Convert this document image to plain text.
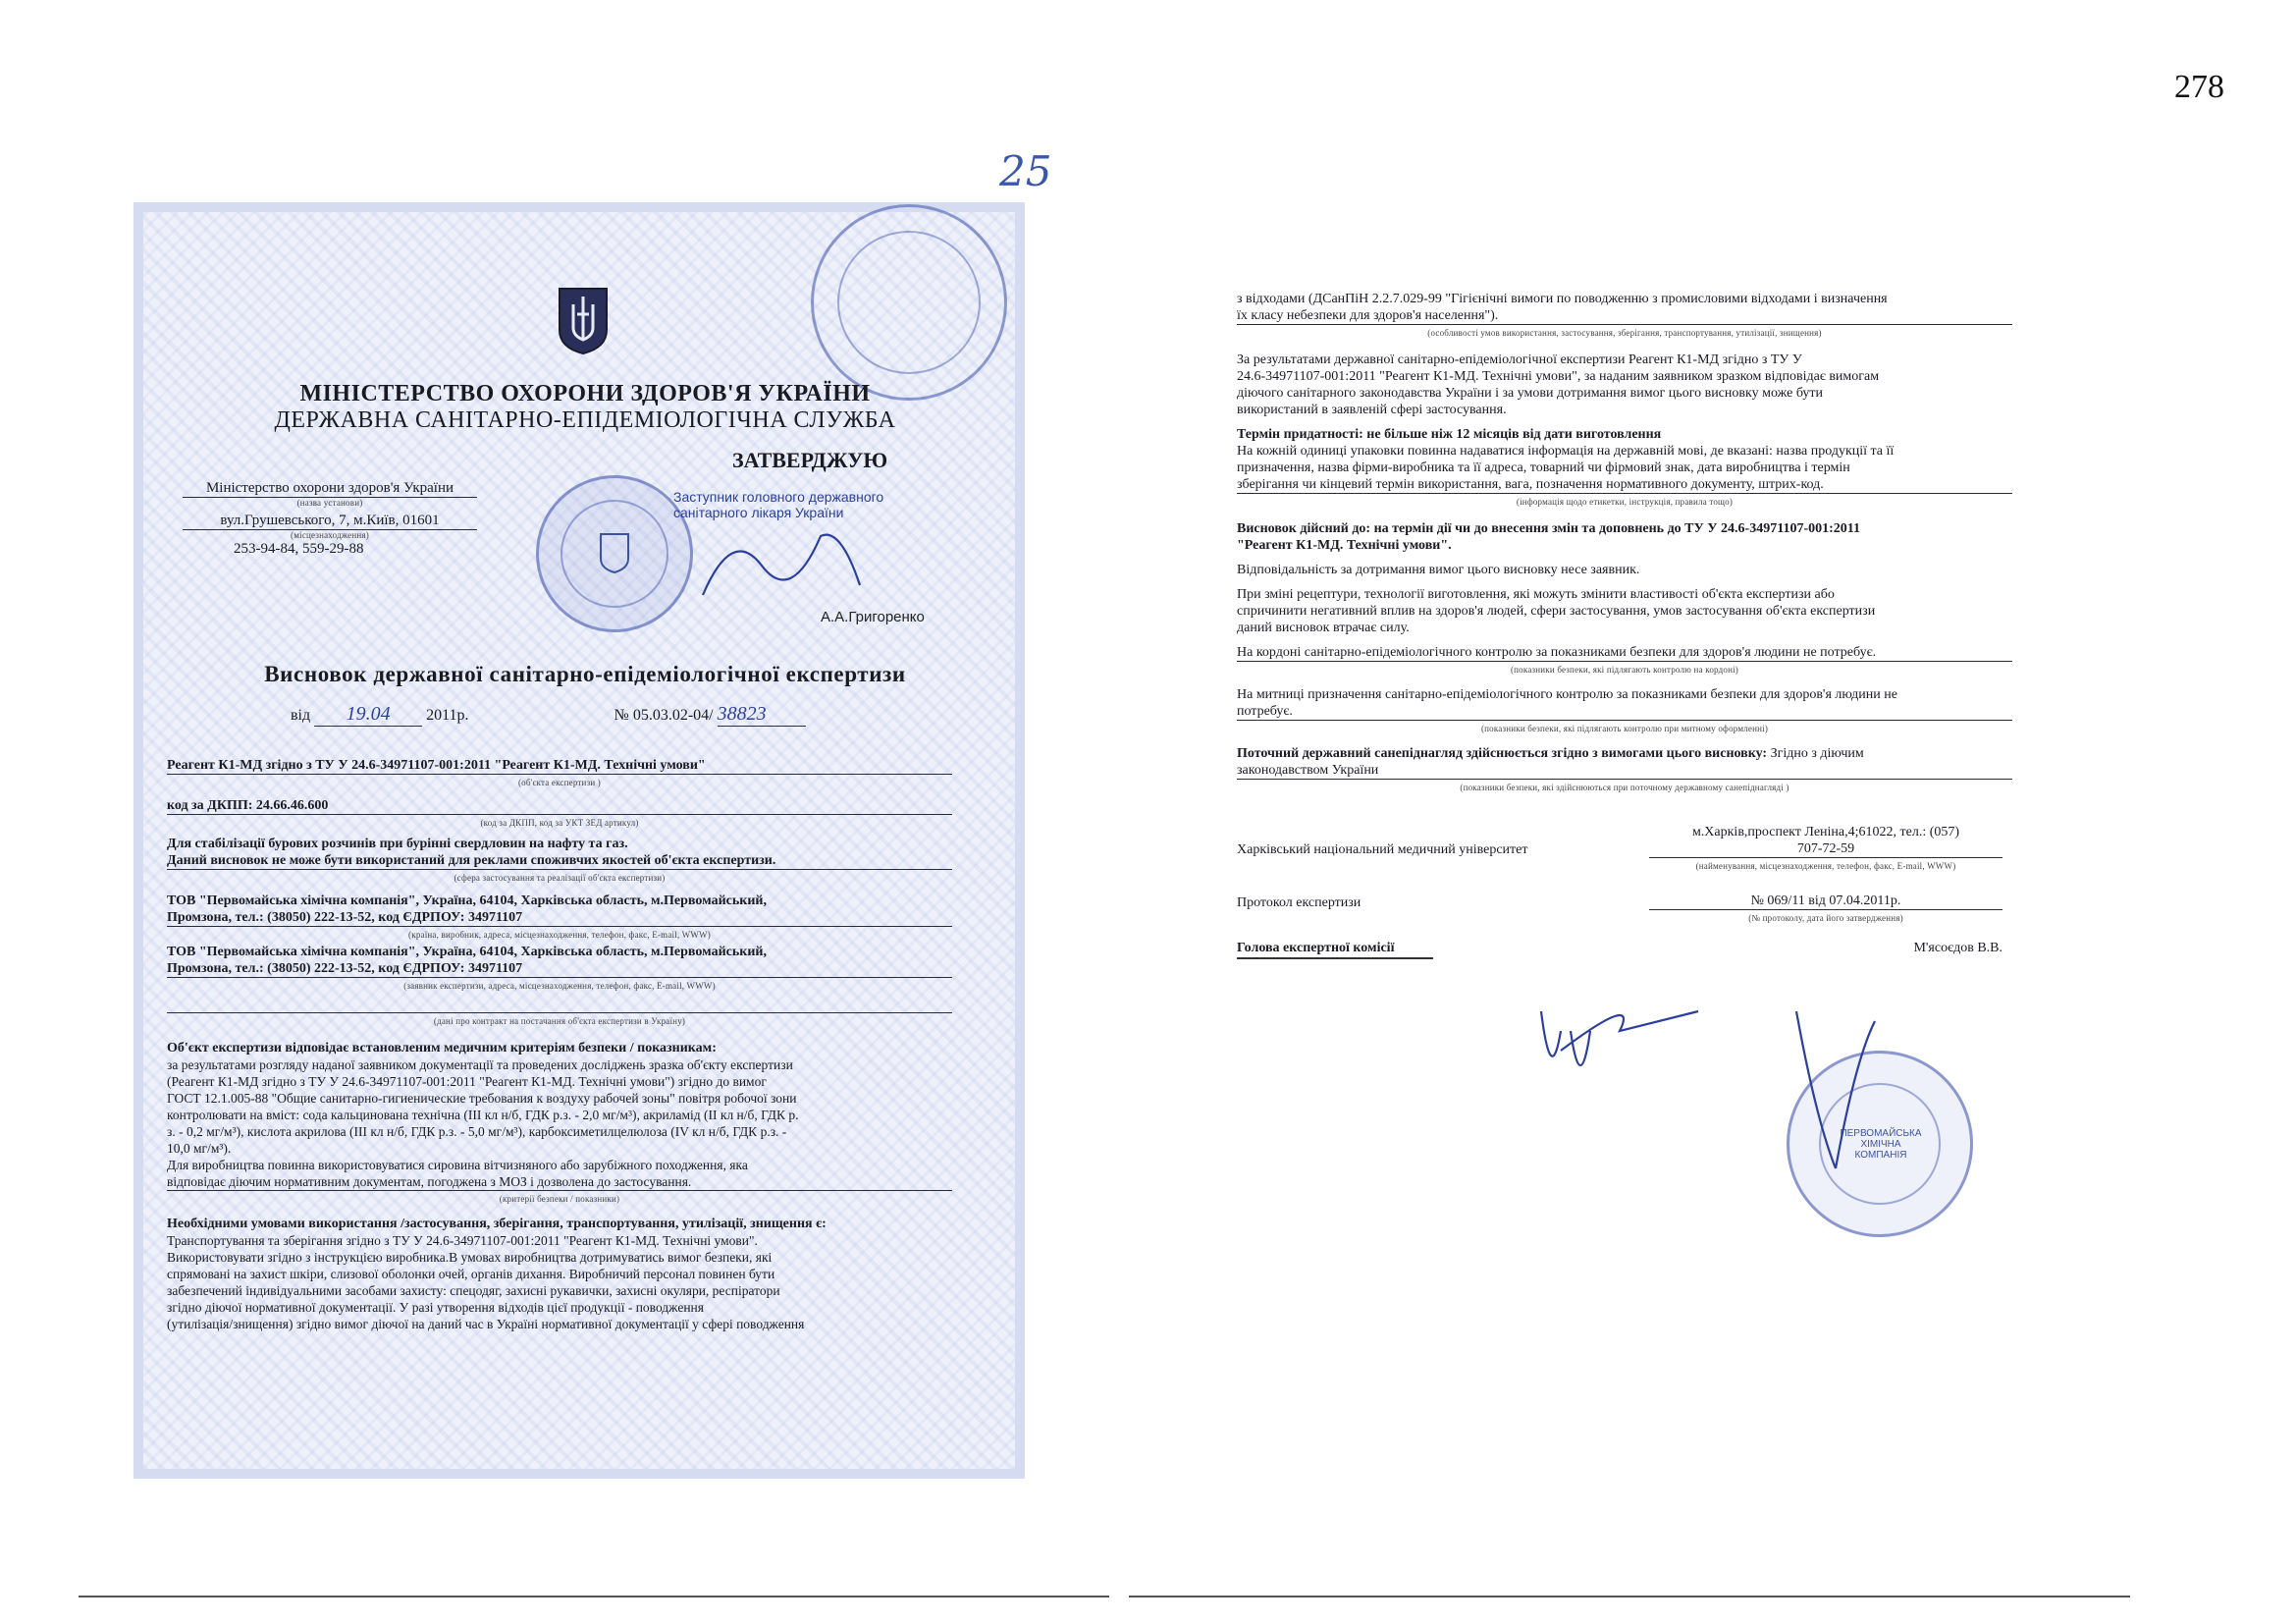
278
25
МІНІСТЕРСТВО ОХОРОНИ ЗДОРОВ'Я УКРАЇНИ
ДЕРЖАВНА САНІТАРНО-ЕПІДЕМІОЛОГІЧНА СЛУЖБА
ЗАТВЕРДЖУЮ
Міністерство охорони здоров'я України
(назва установи)
вул.Грушевського, 7, м.Київ, 01601
(місцезнаходження)
253-94-84, 559-29-88
Заступник головного державного
санітарного лікаря України
А.А.Григоренко
Висновок державної санітарно-епідеміологічної експертизи
від 19.04 2011р.	№ 05.03.02-04/ 38823
Реагент К1-МД згідно з ТУ У 24.6-34971107-001:2011 "Реагент К1-МД. Технічні умови"
(об'єкта експертизи )
код за ДКПП: 24.66.46.600
(код за ДКПП, код за УКТ ЗЕД артикул)
Для стабілізації бурових розчинів при бурінні свердловин на нафту та газ.
Даний висновок не може бути використаний для реклами споживчих якостей об'єкта експертизи.
(сфера застосування та реалізації об'єкта експертизи)
ТОВ "Первомайська хімічна компанія", Україна, 64104, Харківська область, м.Первомайський,
Промзона, тел.: (38050) 222-13-52, код ЄДРПОУ: 34971107
(країна, виробник, адреса, місцезнаходження, телефон, факс, E-mail, WWW)
ТОВ "Первомайська хімічна компанія", Україна, 64104, Харківська область, м.Первомайський,
Промзона, тел.: (38050) 222-13-52, код ЄДРПОУ: 34971107
(заявник експертизи, адреса, місцезнаходження, телефон, факс, E-mail, WWW)
(дані про контракт на постачання об'єкта експертизи в Україну)
Об'єкт експертизи відповідає встановленим медичним критеріям безпеки / показникам:
за результатами розгляду наданої заявником документації та проведених досліджень зразка об'єкту експертизи
(Реагент К1-МД згідно з ТУ У 24.6-34971107-001:2011 "Реагент К1-МД. Технічні умови") згідно до вимог
ГОСТ 12.1.005-88 "Общие санитарно-гигиенические требования к воздуху рабочей зоны" повітря робочої зони
контролювати на вміст: сода кальцинована технічна (III кл н/б, ГДК р.з. - 2,0 мг/м³), акриламід (II кл н/б, ГДК р.
з. - 0,2 мг/м³), кислота акрилова (III кл н/б, ГДК р.з. - 5,0 мг/м³), карбоксиметилцелюлоза (IV кл н/б, ГДК р.з. -
10,0 мг/м³).
Для виробництва повинна використовуватися сировина вітчизняного або зарубіжного походження, яка
відповідає діючим нормативним документам, погоджена з МОЗ і дозволена до застосування.
(критерії безпеки / показники)
Необхідними умовами використання /застосування, зберігання, транспортування, утилізації, знищення є:
Транспортування та зберігання згідно з ТУ У 24.6-34971107-001:2011 "Реагент К1-МД. Технічні умови".
Використовувати згідно з інструкцією виробника.В умовах виробництва дотримуватись вимог безпеки, які
спрямовані на захист шкіри, слизової оболонки очей, органів дихання. Виробничий персонал повинен бути
забезпечений індивідуальними засобами захисту: спецодяг, захисні рукавички, захисні окуляри, респіратори
згідно діючої нормативної документації. У разі утворення відходів цієї продукції - поводження
(утилізація/знищення) згідно вимог діючої на даний час в Україні нормативної документації у сфері поводження
з відходами (ДСанПіН 2.2.7.029-99 "Гігієнічні вимоги по поводженню з промисловими відходами і визначення
їх класу небезпеки для здоров'я населення").
(особливості умов використання, застосування, зберігання, транспортування, утилізації, знищення)
За результатами державної санітарно-епідеміологічної експертизи Реагент К1-МД згідно з ТУ У
24.6-34971107-001:2011 "Реагент К1-МД. Технічні умови", за наданим заявником зразком відповідає вимогам
діючого санітарного законодавства України і за умови дотримання вимог цього висновку може бути
використаний в заявленій сфері застосування.
Термін придатності: не більше ніж 12 місяців від дати виготовлення
На кожній одиниці упаковки повинна надаватися інформація на державній мові, де вказані: назва продукції та її
призначення, назва фірми-виробника та її адреса, товарний чи фірмовий знак, дата виробництва і термін
зберігання чи кінцевий термін використання, вага, позначення нормативного документу, штрих-код.
(інформація щодо етикетки, інструкція, правила тощо)
Висновок дійсний до: на термін дії чи до внесення змін та доповнень до ТУ У 24.6-34971107-001:2011
"Реагент К1-МД. Технічні умови".
Відповідальність за дотримання вимог цього висновку несе заявник.
При зміні рецептури, технології виготовлення, які можуть змінити властивості об'єкта експертизи або
спричинити негативний вплив на здоров'я людей, сфери застосування, умов застосування об'єкта експертизи
даний висновок втрачає силу.
На кордоні санітарно-епідеміологічного контролю за показниками безпеки для здоров'я людини не потребує.
(показники безпеки, які підлягають контролю на кордоні)
На митниці призначення санітарно-епідеміологічного контролю за показниками безпеки для здоров'я людини не
потребує.
(показники безпеки, які підлягають контролю при митному оформленні)
Поточний державний санепіднагляд здійснюється згідно з вимогами цього висновку: Згідно з діючим
законодавством України
(показники безпеки, які здійснюються при поточному державному санепіднагляді )
Харківський національний медичний університет
м.Харків,проспект Леніна,4;61022, тел.: (057)
707-72-59
(найменування, місцезнаходження, телефон, факс, E-mail, WWW)
Протокол експертизи	№ 069/11 від 07.04.2011р.
(№ протоколу, дата його затвердження)
Голова експертної комісії	М'ясоєдов В.В.
ПЕРВОМАЙСЬКА ХІМІЧНА КОМПАНІЯ
